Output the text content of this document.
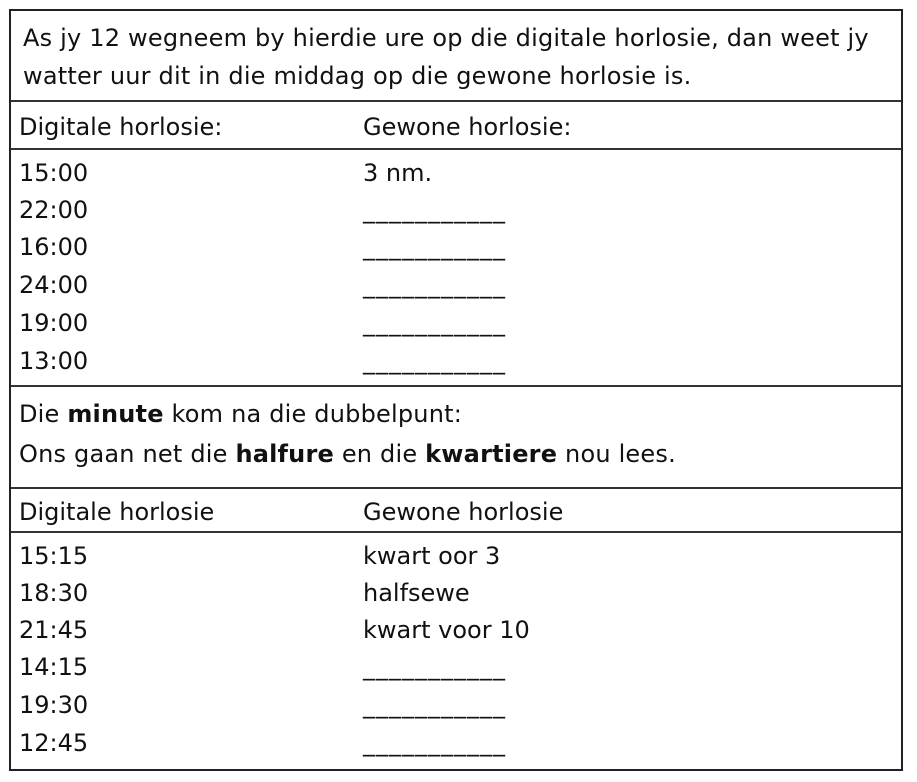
As jy 12 wegneem by hierdie ure op die digitale horlosie, dan weet jy
watter uur dit in die middag op die gewone horlosie is.
Digitale horlosie:	Gewone horlosie:
15:00	3 nm.
22:00	___________
16:00	___________
24:00	___________
19:00	___________
13:00	___________
Die minute kom na die dubbelpunt:
Ons gaan net die halfure en die kwartiere nou lees.
Digitale horlosie	Gewone horlosie
15:15	kwart oor 3
18:30	halfsewe
21:45	kwart voor 10
14:15	___________
19:30	___________
12:45	___________
